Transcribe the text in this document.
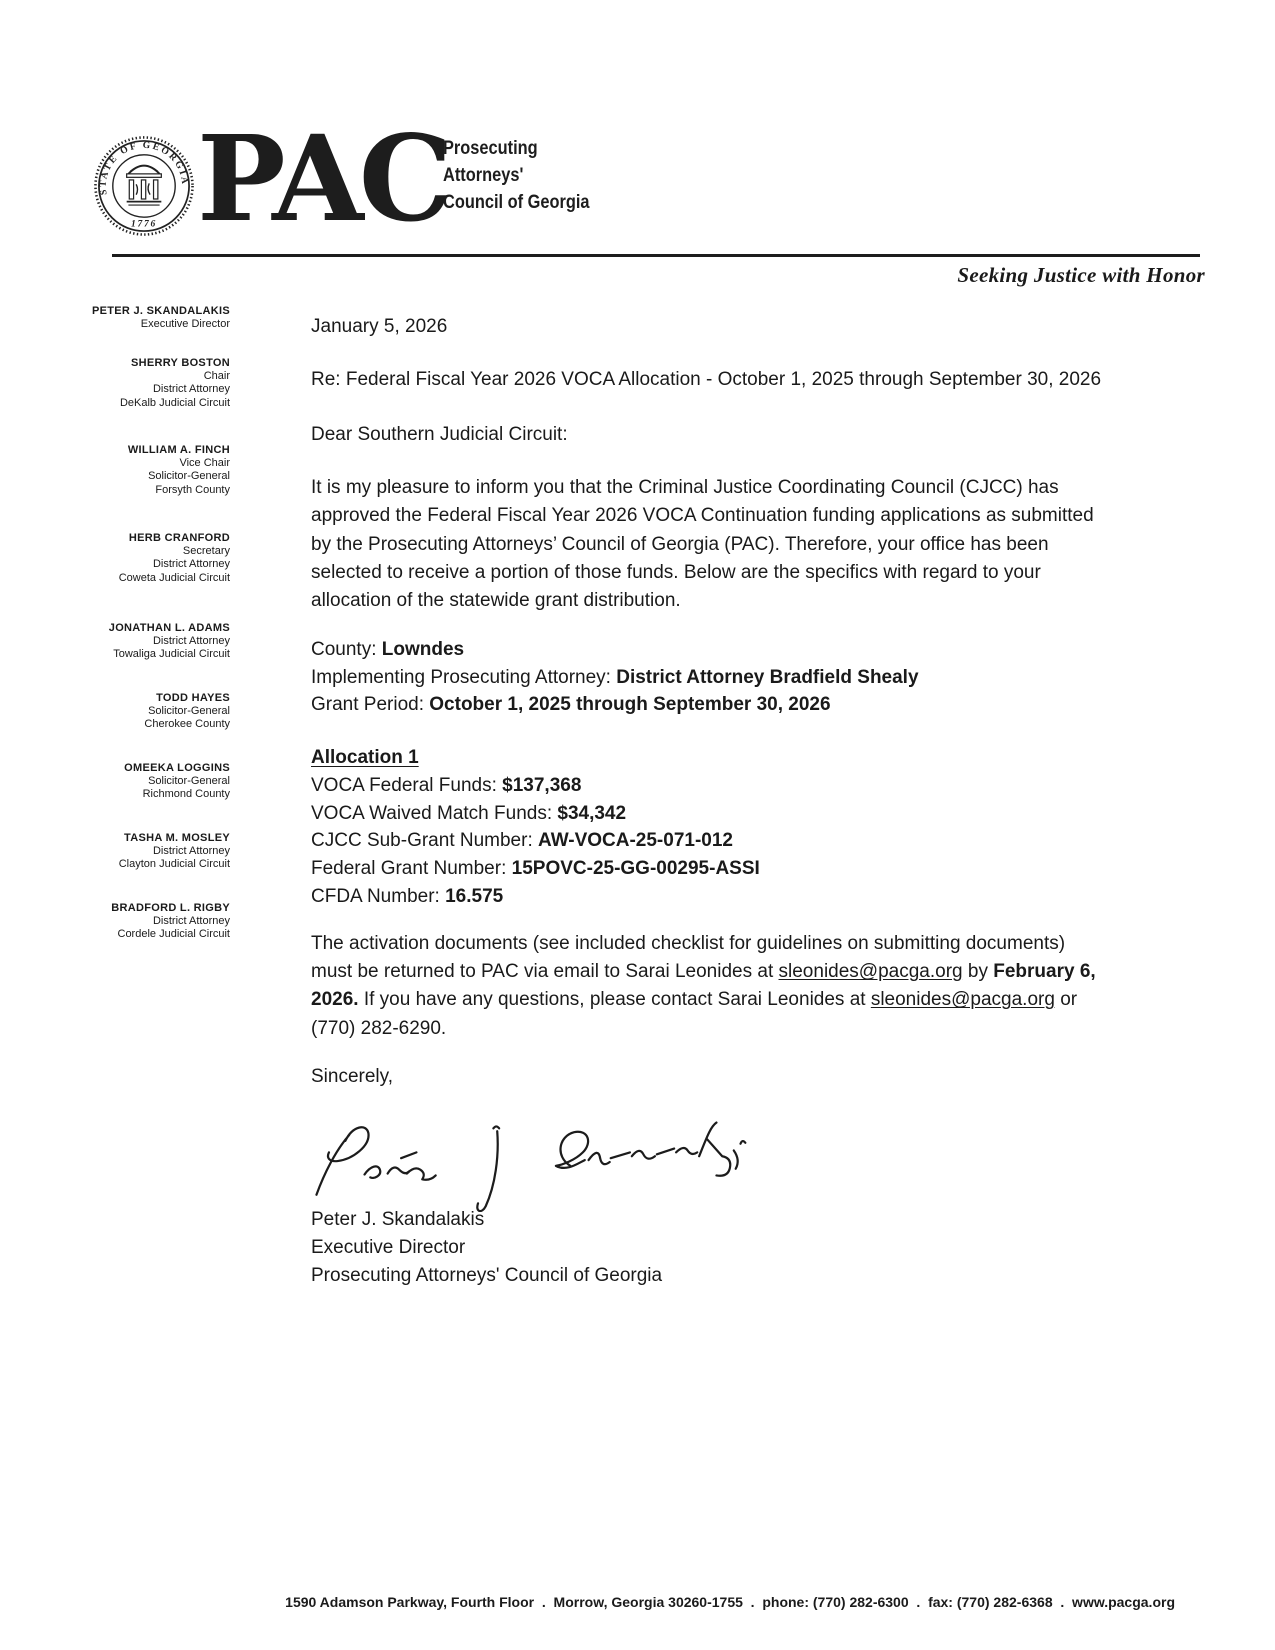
STATE OF GEORGIA
1776 PAC
Prosecuting
Attorneys'
Council of Georgia
Seeking Justice with Honor
PETER J. SKANDALAKIS
Executive Director
SHERRY BOSTON
Chair
District Attorney
DeKalb Judicial Circuit
WILLIAM A. FINCH
Vice Chair
Solicitor-General
Forsyth County
HERB CRANFORD
Secretary
District Attorney
Coweta Judicial Circuit
JONATHAN L. ADAMS
District Attorney
Towaliga Judicial Circuit
TODD HAYES
Solicitor-General
Cherokee County
OMEEKA LOGGINS
Solicitor-General
Richmond County
TASHA M. MOSLEY
District Attorney
Clayton Judicial Circuit
BRADFORD L. RIGBY
District Attorney
Cordele Judicial Circuit
January 5, 2026
Re: Federal Fiscal Year 2026 VOCA Allocation - October 1, 2025 through September 30, 2026
Dear Southern Judicial Circuit:
It is my pleasure to inform you that the Criminal Justice Coordinating Council (CJCC) has
approved the Federal Fiscal Year 2026 VOCA Continuation funding applications as submitted
by the Prosecuting Attorneys’ Council of Georgia (PAC). Therefore, your office has been
selected to receive a portion of those funds. Below are the specifics with regard to your
allocation of the statewide grant distribution.
County: Lowndes
Implementing Prosecuting Attorney: District Attorney Bradfield Shealy
Grant Period: October 1, 2025 through September 30, 2026
Allocation 1
VOCA Federal Funds: $137,368
VOCA Waived Match Funds: $34,342
CJCC Sub-Grant Number: AW-VOCA-25-071-012
Federal Grant Number: 15POVC-25-GG-00295-ASSI
CFDA Number: 16.575
The activation documents (see included checklist for guidelines on submitting documents)
must be returned to PAC via email to Sarai Leonides at sleonides@pacga.org by February 6,
2026. If you have any questions, please contact Sarai Leonides at sleonides@pacga.org or
(770) 282-6290.
Sincerely,
Peter J. Skandalakis
Executive Director
Prosecuting Attorneys' Council of Georgia
1590 Adamson Parkway, Fourth Floor  .  Morrow, Georgia 30260-1755  .  phone: (770) 282-6300  .  fax: (770) 282-6368  .  www.pacga.org
